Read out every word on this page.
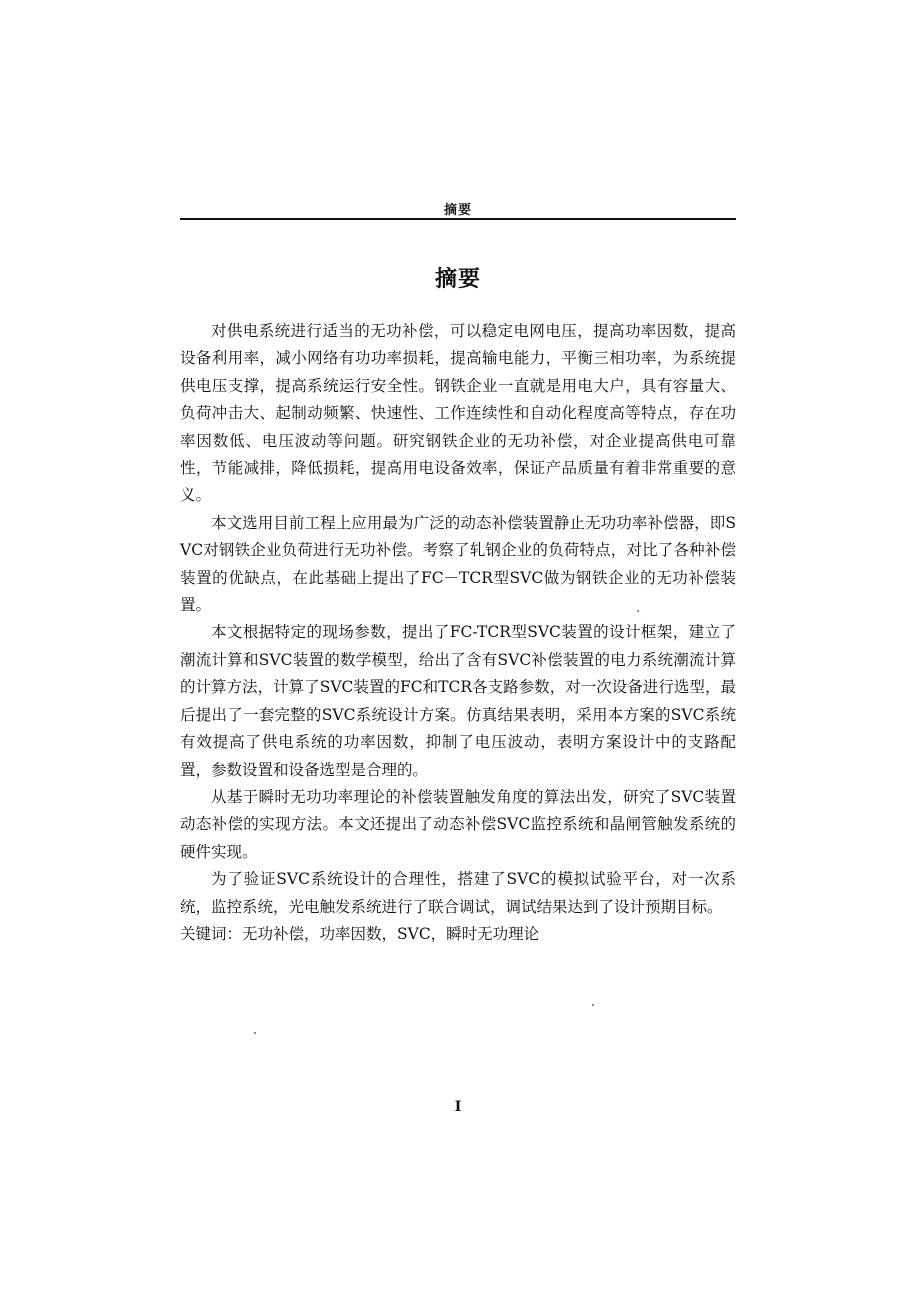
摘要
摘要

对供电系统进行适当的无功补偿，可以稳定电网电压，提高功率因数，提高设备利用率，减小网络有功功率损耗，提高输电能力，平衡三相功率，为系统提供电压支撑，提高系统运行安全性。钢铁企业一直就是用电大户，具有容量大、负荷冲击大、起制动频繁、快速性、工作连续性和自动化程度高等特点，存在功率因数低、电压波动等问题。研究钢铁企业的无功补偿，对企业提高供电可靠性，节能减排，降低损耗，提高用电设备效率，保证产品质量有着非常重要的意义。

本文选用目前工程上应用最为广泛的动态补偿装置静止无功功率补偿器，即SVC对钢铁企业负荷进行无功补偿。考察了轧钢企业的负荷特点，对比了各种补偿装置的优缺点，在此基础上提出了FC－TCR型SVC做为钢铁企业的无功补偿装置。

本文根据特定的现场参数，提出了FC-TCR型SVC装置的设计框架，建立了潮流计算和SVC装置的数学模型，给出了含有SVC补偿装置的电力系统潮流计算的计算方法，计算了SVC装置的FC和TCR各支路参数，对一次设备进行选型，最后提出了一套完整的SVC系统设计方案。仿真结果表明，采用本方案的SVC系统有效提高了供电系统的功率因数，抑制了电压波动，表明方案设计中的支路配置，参数设置和设备选型是合理的。

从基于瞬时无功功率理论的补偿装置触发角度的算法出发，研究了SVC装置动态补偿的实现方法。本文还提出了动态补偿SVC监控系统和晶闸管触发系统的硬件实现。

为了验证SVC系统设计的合理性，搭建了SVC的模拟试验平台，对一次系统，监控系统，光电触发系统进行了联合调试，调试结果达到了设计预期目标。

关键词：无功补偿，功率因数，SVC，瞬时无功理论

I
